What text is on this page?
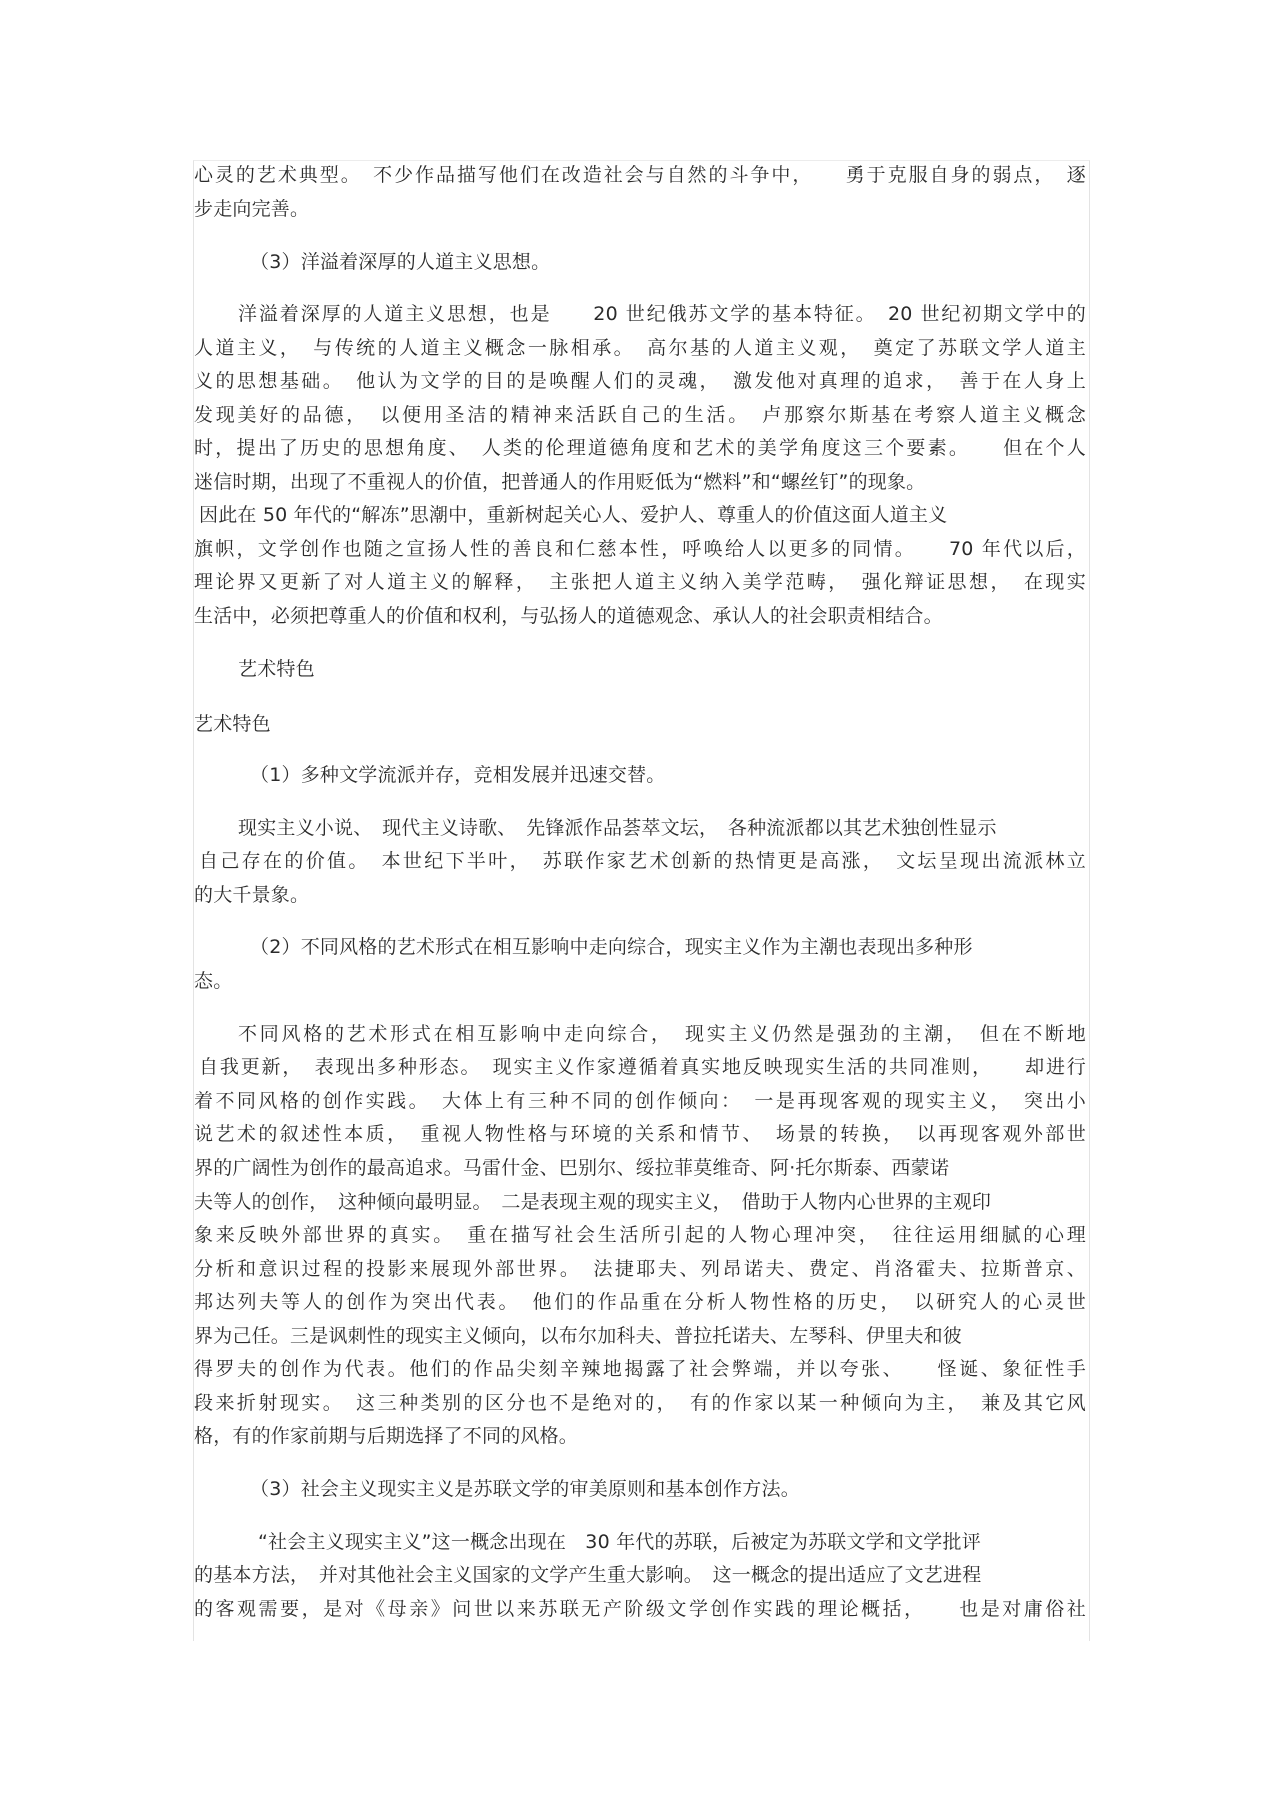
心灵的艺术典型。　不少作品描写他们在改造社会与自然的斗争中，　　勇于克服自身的弱点，　逐
步走向完善。
（3）洋溢着深厚的人道主义思想。
洋溢着深厚的人道主义思想，也是　　20 世纪俄苏文学的基本特征。　20 世纪初期文学中的
人道主义，　与传统的人道主义概念一脉相承。　高尔基的人道主义观，　奠定了苏联文学人道主
义的思想基础。　他认为文学的目的是唤醒人们的灵魂，　激发他对真理的追求，　善于在人身上
发现美好的品德，　以便用圣洁的精神来活跃自己的生活。　卢那察尔斯基在考察人道主义概念
时，提出了历史的思想角度、　人类的伦理道德角度和艺术的美学角度这三个要素。　　但在个人
迷信时期，出现了不重视人的价值，把普通人的作用贬低为“燃料”和“螺丝钉”的现象。
因此在 50 年代的“解冻”思潮中，重新树起关心人、爱护人、尊重人的价值这面人道主义
旗帜，文学创作也随之宣扬人性的善良和仁慈本性，呼唤给人以更多的同情。　　70 年代以后，
理论界又更新了对人道主义的解释，　主张把人道主义纳入美学范畴，　强化辩证思想，　在现实
生活中，必须把尊重人的价值和权利，与弘扬人的道德观念、承认人的社会职责相结合。
艺术特色
艺术特色
（1）多种文学流派并存，竞相发展并迅速交替。
现实主义小说、　现代主义诗歌、　先锋派作品荟萃文坛，　各种流派都以其艺术独创性显示
自己存在的价值。　本世纪下半叶，　苏联作家艺术创新的热情更是高涨，　文坛呈现出流派林立
的大千景象。
（2）不同风格的艺术形式在相互影响中走向综合，现实主义作为主潮也表现出多种形
态。
不同风格的艺术形式在相互影响中走向综合，　现实主义仍然是强劲的主潮，　但在不断地
自我更新，　表现出多种形态。　现实主义作家遵循着真实地反映现实生活的共同准则，　　却进行
着不同风格的创作实践。　大体上有三种不同的创作倾向：　一是再现客观的现实主义，　突出小
说艺术的叙述性本质，　重视人物性格与环境的关系和情节、　场景的转换，　以再现客观外部世
界的广阔性为创作的最高追求。马雷什金、巴别尔、绥拉菲莫维奇、阿·托尔斯泰、西蒙诺
夫等人的创作，　这种倾向最明显。　二是表现主观的现实主义，　借助于人物内心世界的主观印
象来反映外部世界的真实。　重在描写社会生活所引起的人物心理冲突，　往往运用细腻的心理
分析和意识过程的投影来展现外部世界。　法捷耶夫、列昂诺夫、费定、肖洛霍夫、拉斯普京、
邦达列夫等人的创作为突出代表。　他们的作品重在分析人物性格的历史，　以研究人的心灵世
界为己任。三是讽刺性的现实主义倾向，以布尔加科夫、普拉托诺夫、左琴科、伊里夫和彼
得罗夫的创作为代表。他们的作品尖刻辛辣地揭露了社会弊端，并以夸张、　　怪诞、象征性手
段来折射现实。　这三种类别的区分也不是绝对的，　有的作家以某一种倾向为主，　兼及其它风
格，有的作家前期与后期选择了不同的风格。
（3）社会主义现实主义是苏联文学的审美原则和基本创作方法。
“社会主义现实主义”这一概念出现在　30 年代的苏联，后被定为苏联文学和文学批评
的基本方法，　并对其他社会主义国家的文学产生重大影响。　这一概念的提出适应了文艺进程
的客观需要，是对《母亲》问世以来苏联无产阶级文学创作实践的理论概括，　　也是对庸俗社
